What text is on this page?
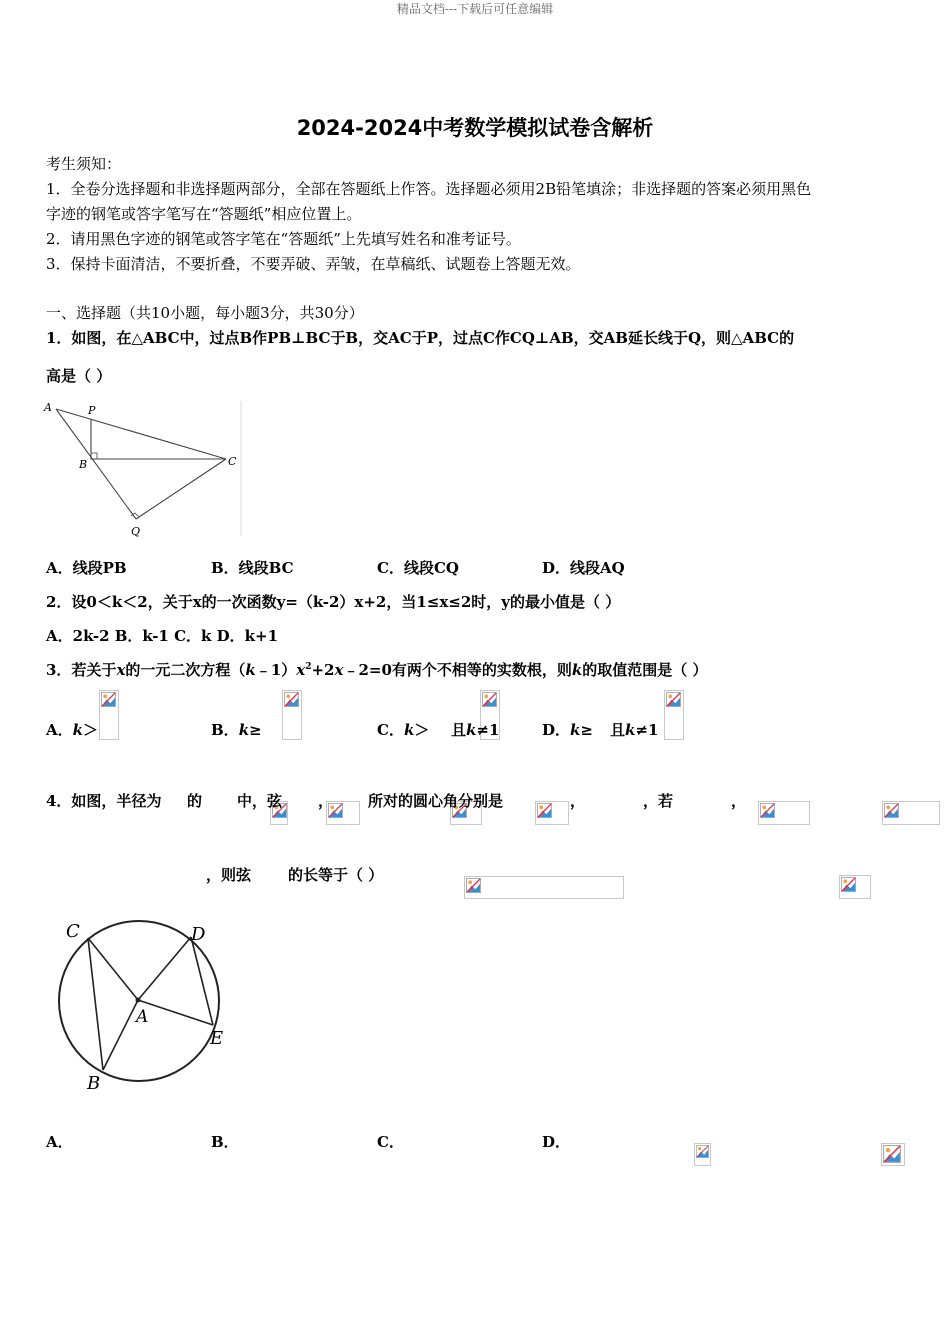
精品文档---下载后可任意编辑
2024-2024中考数学模拟试卷含解析
考生须知：
1．全卷分选择题和非选择题两部分，全部在答题纸上作答。选择题必须用2B铅笔填涂；非选择题的答案必须用黑色
字迹的钢笔或答字笔写在“答题纸”相应位置上。
2．请用黑色字迹的钢笔或答字笔在“答题纸”上先填写姓名和准考证号。
3．保持卡面清洁，不要折叠，不要弄破、弄皱，在草稿纸、试题卷上答题无效。
一、选择题（共10小题，每小题3分，共30分）
1．如图，在△ABC中，过点B作PB⊥BC于B，交AC于P，过点C作CQ⊥AB，交AB延长线于Q，则△ABC的
高是（ ）
A	P
B	C
Q
A．线段PB	B．线段BC	C．线段CQ	D．线段AQ
2．设0＜k＜2，关于x的一次函数y=（k-2）x+2，当1≤x≤2时，y的最小值是（ ）
A．2k-2 B．k-1 C．k D．k+1
3．若关于x的一元二次方程$(k﹣1)x^2+2x﹣2=0$有两个不相等的实数根，则k的取值范围是（ ）
A．k＞
	B．k≥
	C．k＞
且k≠1	D．k≥
且k≠1
4．如图，半径为
的
中，弦
，
所对的圆心角分别是
	，
	，若
	，

，则弦
的长等于（ ）
C	D
A
E
B
A．
	B．
	C．
	D．
